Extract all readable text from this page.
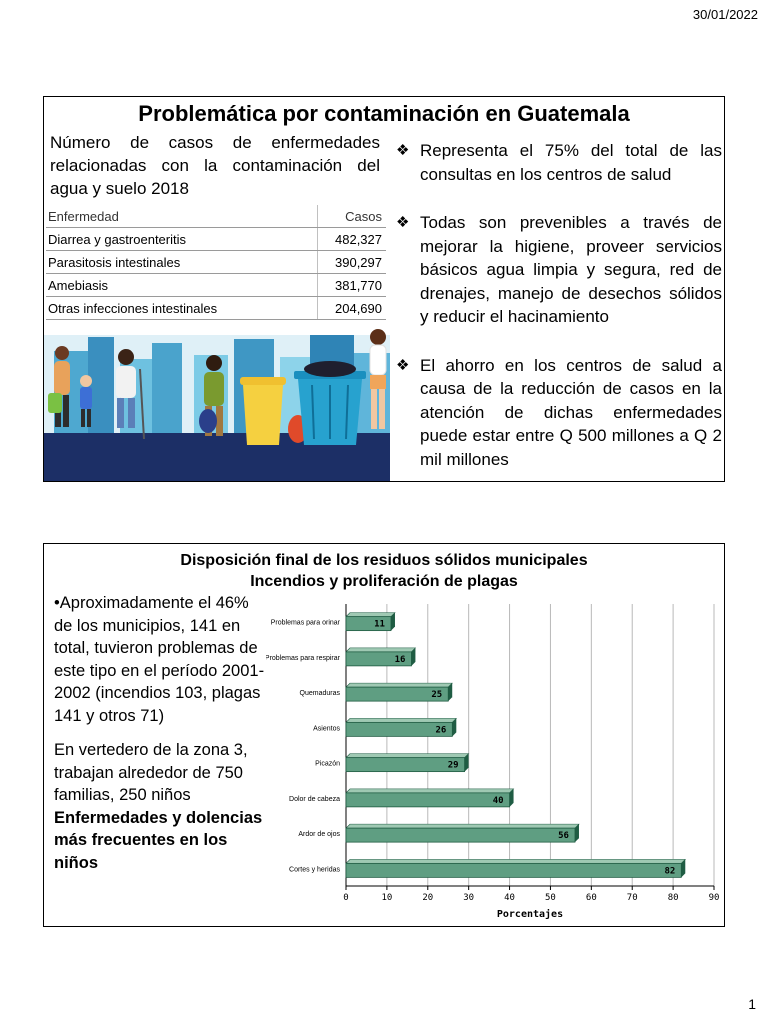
30/01/2022
Problemática por contaminación en Guatemala
Número de casos de enfermedades relacionadas con la contaminación del agua y suelo 2018
Enfermedad	Casos
Diarrea y gastroenteritis	482,327
Parasitosis intestinales	390,297
Amebiasis	381,770
Otras infecciones intestinales	204,690
❖ Representa el 75% del total de las consultas en los centros de salud
❖ Todas son prevenibles a través de mejorar la higiene, proveer servicios básicos agua limpia y segura, red de drenajes, manejo de desechos sólidos y reducir el hacinamiento
❖ El ahorro en los centros de salud a causa de la reducción de casos en la atención de dichas enfermedades puede estar entre Q 500 millones a Q 2 mil millones
Disposición final de los residuos sólidos municipales
Incendios y proliferación de plagas

•Aproximadamente el 46% de los municipios, 141 en total, tuvieron problemas de este tipo en el período 2001-2002 (incendios 103, plagas 141 y otros 71)

En vertedero de la zona 3, trabajan alrededor de 750 familias, 250 niños

Enfermedades y dolencias más frecuentes en los niños

0	10	20	30	40	50	60	70	80	90
11
Problemas para orinar
16
Problemas para respirar
25
Quemaduras
26
Asientos
29
Picazón
40
Dolor de cabeza
56
Ardor de ojos
82
Cortes y heridas
Porcentajes
1
